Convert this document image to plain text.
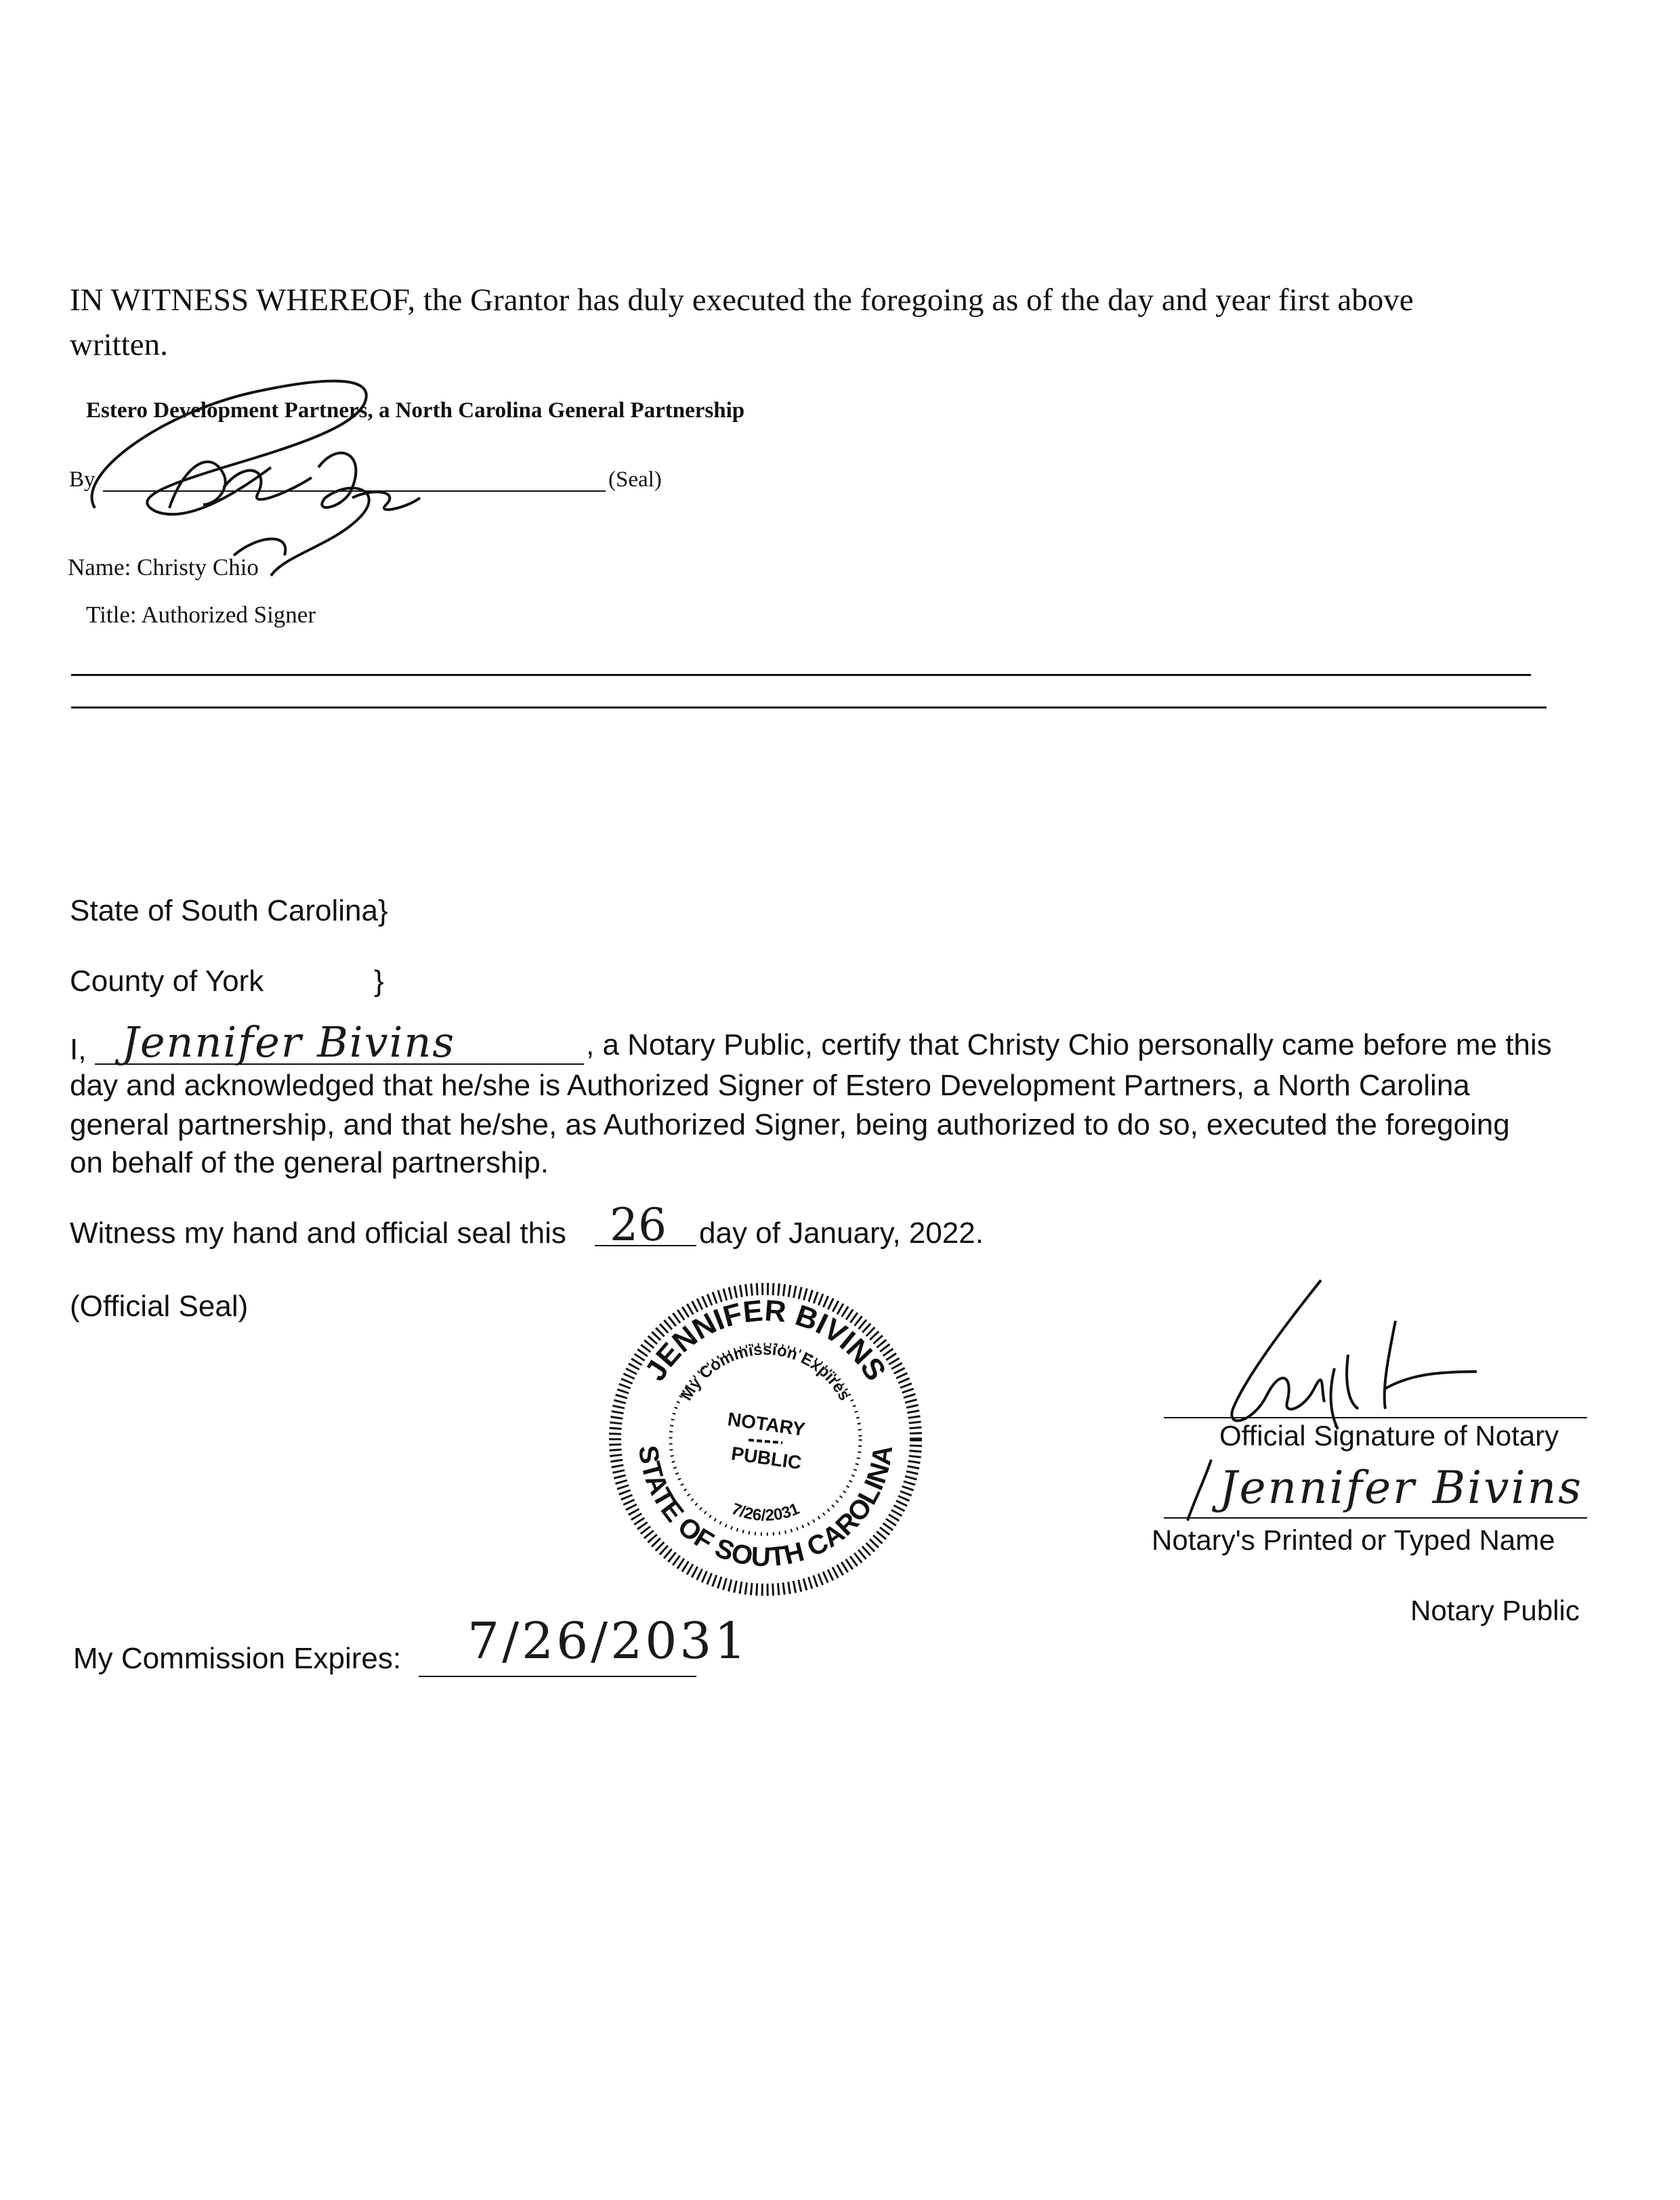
IN WITNESS WHEREOF, the Grantor has duly executed the foregoing as of the day and year first above
written.
Estero Development Partners, a North Carolina General Partnership
By	(Seal)
Name: Christy Chio
Title: Authorized Signer
State of South Carolina}
County of York	}
I, Jennifer Bivins	, a Notary Public, certify that Christy Chio personally came before me this
day and acknowledged that he/she is Authorized Signer of Estero Development Partners, a North Carolina
general partnership, and that he/she, as Authorized Signer, being authorized to do so, executed the foregoing
on behalf of the general partnership.
Witness my hand and official seal this 26 day of January, 2022.
(Official Seal)
JENNIFER BIVINS
STATE OF SOUTH CAROLINA
My Commission Expires
7/26/2031
NOTARY
PUBLIC
Official Signature of Notary
Jennifer Bivins
Notary's Printed or Typed Name
Notary Public
My Commission Expires: 7/26/2031
